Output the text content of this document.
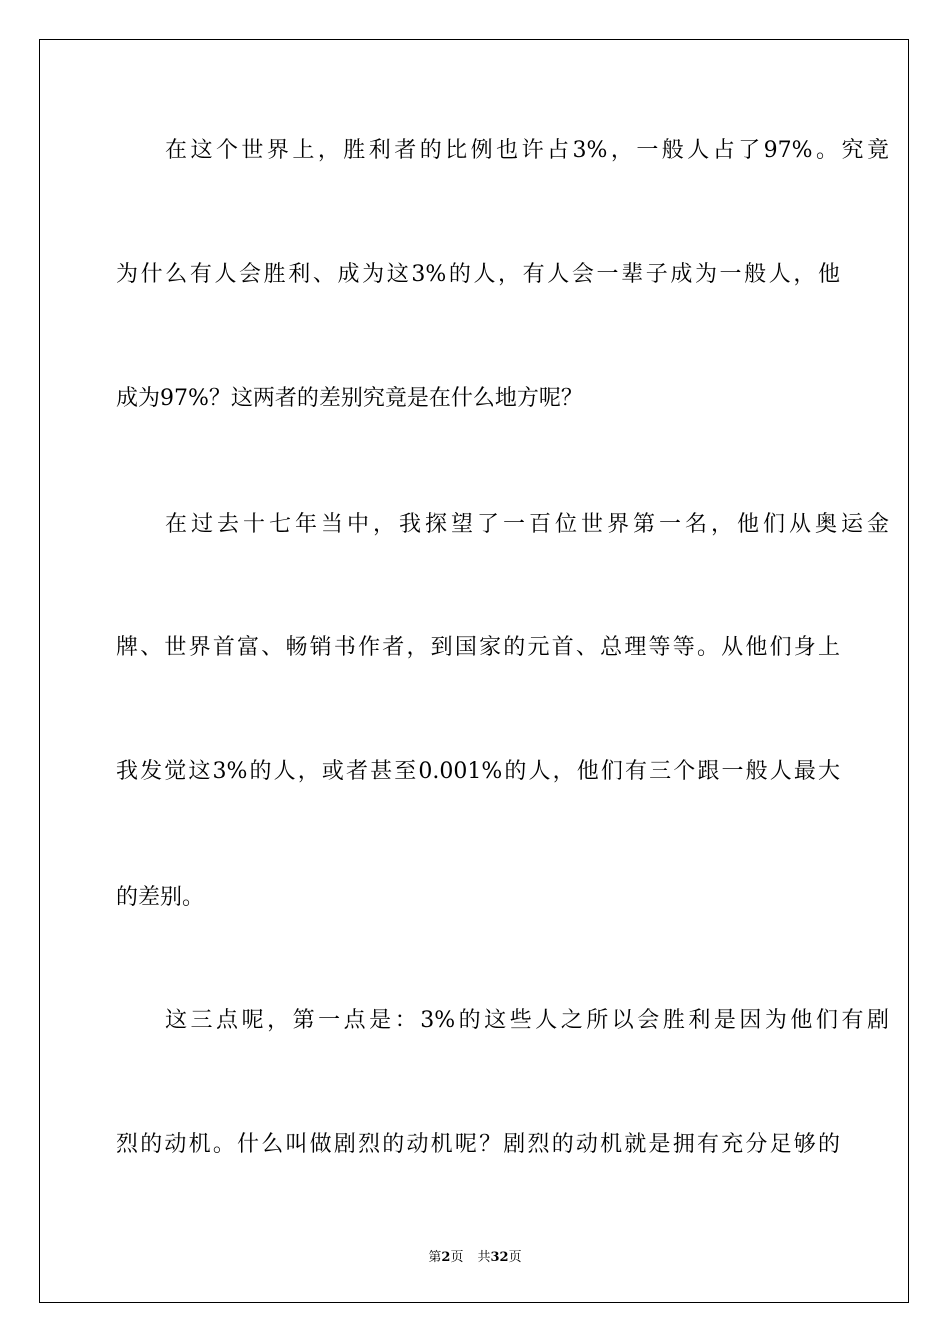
在这个世界上，胜利者的比例也许占3%，一般人占了97%。究竟

为什么有人会胜利、成为这3%的人，有人会一辈子成为一般人，他

成为97%？这两者的差别究竟是在什么地方呢？

在过去十七年当中，我探望了一百位世界第一名，他们从奥运金

牌、世界首富、畅销书作者，到国家的元首、总理等等。从他们身上

我发觉这3%的人，或者甚至0.001%的人，他们有三个跟一般人最大

的差别。

这三点呢，第一点是：3%的这些人之所以会胜利是因为他们有剧

烈的动机。什么叫做剧烈的动机呢？剧烈的动机就是拥有充分足够的

第2页 共32页
